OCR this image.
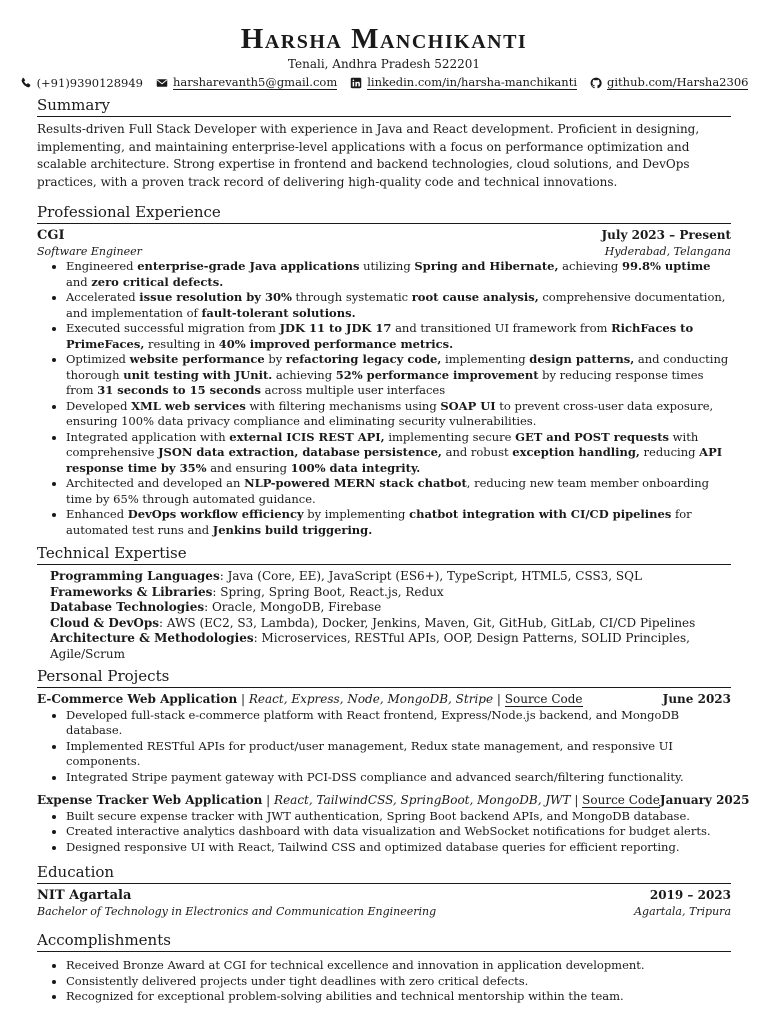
Harsha Manchikanti
Tenali, Andhra Pradesh 522201
(+91)9390128949	harsharevanth5@gmail.com	linkedin.com/in/harsha-manchikanti	github.com/Harsha2306
Summary

Results-driven Full Stack Developer with experience in Java and React development. Proficient in designing, implementing, and maintaining enterprise-level applications with a focus on performance optimization and scalable architecture. Strong expertise in frontend and backend technologies, cloud solutions, and DevOps practices, with a proven track record of delivering high-quality code and technical innovations.

Professional Experience
CGI	July 2023 – Present
Software Engineer	Hyderabad, Telangana
• Engineered enterprise-grade Java applications utilizing Spring and Hibernate, achieving 99.8% uptime and zero critical defects.
• Accelerated issue resolution by 30% through systematic root cause analysis, comprehensive documentation, and implementation of fault-tolerant solutions.
• Executed successful migration from JDK 11 to JDK 17 and transitioned UI framework from RichFaces to PrimeFaces, resulting in 40% improved performance metrics.
• Optimized website performance by refactoring legacy code, implementing design patterns, and conducting thorough unit testing with JUnit. achieving 52% performance improvement by reducing response times from 31 seconds to 15 seconds across multiple user interfaces
• Developed XML web services with filtering mechanisms using SOAP UI to prevent cross-user data exposure, ensuring 100% data privacy compliance and eliminating security vulnerabilities.
• Integrated application with external ICIS REST API, implementing secure GET and POST requests with comprehensive JSON data extraction, database persistence, and robust exception handling, reducing API response time by 35% and ensuring 100% data integrity.
• Architected and developed an NLP-powered MERN stack chatbot, reducing new team member onboarding time by 65% through automated guidance.
• Enhanced DevOps workflow efficiency by implementing chatbot integration with CI/CD pipelines for automated test runs and Jenkins build triggering.
Technical Expertise
Programming Languages: Java (Core, EE), JavaScript (ES6+), TypeScript, HTML5, CSS3, SQL
Frameworks & Libraries: Spring, Spring Boot, React.js, Redux
Database Technologies: Oracle, MongoDB, Firebase
Cloud & DevOps: AWS (EC2, S3, Lambda), Docker, Jenkins, Maven, Git, GitHub, GitLab, CI/CD Pipelines
Architecture & Methodologies: Microservices, RESTful APIs, OOP, Design Patterns, SOLID Principles, Agile/Scrum
Personal Projects
E-Commerce Web Application | React, Express, Node, MongoDB, Stripe | Source Code	June 2023
• Developed full-stack e-commerce platform with React frontend, Express/Node.js backend, and MongoDB database.
• Implemented RESTful APIs for product/user management, Redux state management, and responsive UI components.
• Integrated Stripe payment gateway with PCI-DSS compliance and advanced search/filtering functionality.
Expense Tracker Web Application | React, TailwindCSS, SpringBoot, MongoDB, JWT | Source Code January 2025
• Built secure expense tracker with JWT authentication, Spring Boot backend APIs, and MongoDB database.
• Created interactive analytics dashboard with data visualization and WebSocket notifications for budget alerts.
• Designed responsive UI with React, Tailwind CSS and optimized database queries for efficient reporting.
Education
NIT Agartala	2019 – 2023
Bachelor of Technology in Electronics and Communication Engineering	Agartala, Tripura
Accomplishments
• Received Bronze Award at CGI for technical excellence and innovation in application development.
• Consistently delivered projects under tight deadlines with zero critical defects.
• Recognized for exceptional problem-solving abilities and technical mentorship within the team.
